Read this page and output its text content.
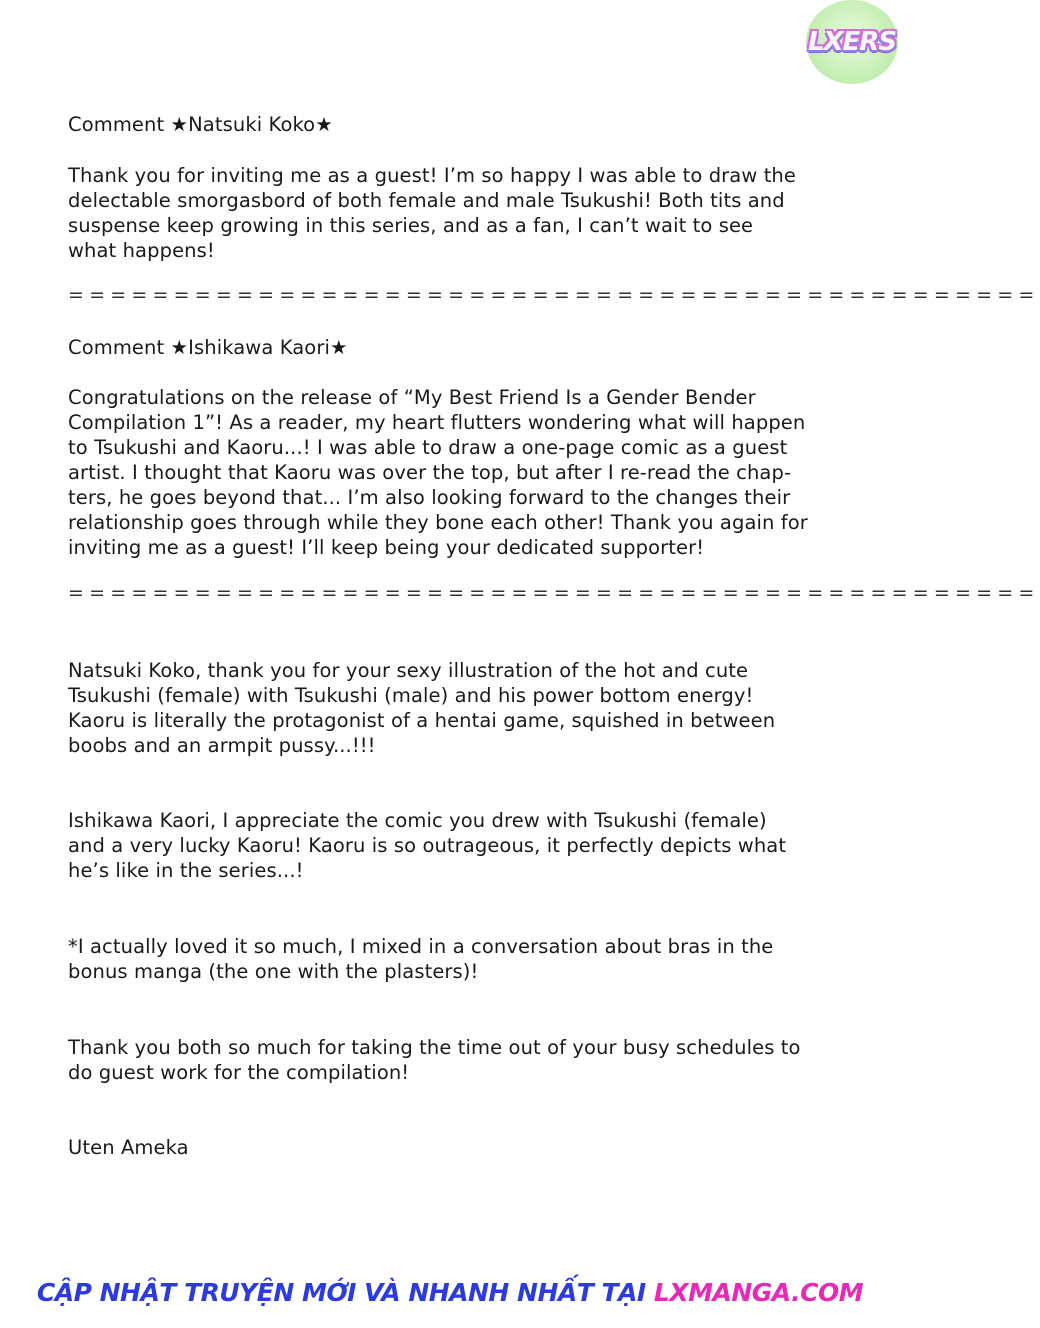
LXERS
Comment ★Natsuki Koko★
Thank you for inviting me as a guest! I’m so happy I was able to draw the
delectable smorgasbord of both female and male Tsukushi! Both tits and
suspense keep growing in this series, and as a fan, I can’t wait to see
what happens!
==============================================
Comment ★Ishikawa Kaori★
Congratulations on the release of “My Best Friend Is a Gender Bender
Compilation 1”! As a reader, my heart flutters wondering what will happen
to Tsukushi and Kaoru...! I was able to draw a one-page comic as a guest
artist. I thought that Kaoru was over the top, but after I re-read the chap-
ters, he goes beyond that... I’m also looking forward to the changes their
relationship goes through while they bone each other! Thank you again for
inviting me as a guest! I’ll keep being your dedicated supporter!
==============================================
Natsuki Koko, thank you for your sexy illustration of the hot and cute
Tsukushi (female) with Tsukushi (male) and his power bottom energy!
Kaoru is literally the protagonist of a hentai game, squished in between
boobs and an armpit pussy...!!!
Ishikawa Kaori, I appreciate the comic you drew with Tsukushi (female)
and a very lucky Kaoru! Kaoru is so outrageous, it perfectly depicts what
he’s like in the series...!
*I actually loved it so much, I mixed in a conversation about bras in the
bonus manga (the one with the plasters)!
Thank you both so much for taking the time out of your busy schedules to
do guest work for the compilation!
Uten Ameka
CẬP NHẬT TRUYỆN MỚI VÀ NHANH NHẤT TẠI LXMANGA.COM
